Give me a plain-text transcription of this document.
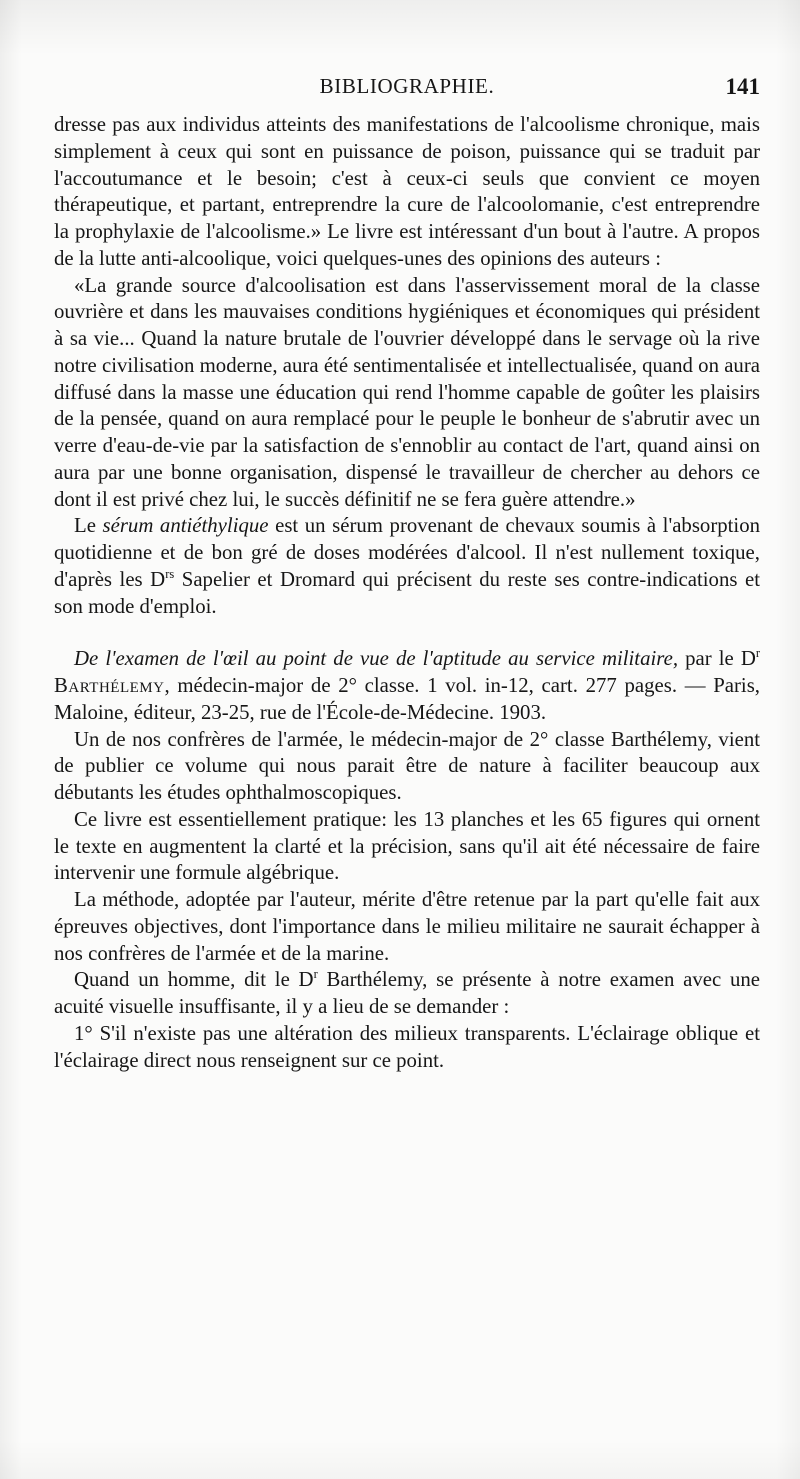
BIBLIOGRAPHIE.	141

dresse pas aux individus atteints des manifestations de l'alcoolisme chronique, mais simplement à ceux qui sont en puissance de poison, puissance qui se traduit par l'accoutumance et le besoin; c'est à ceux-ci seuls que convient ce moyen thérapeutique, et partant, entreprendre la cure de l'alcoolomanie, c'est entreprendre la prophylaxie de l'alcoolisme.» Le livre est intéressant d'un bout à l'autre. A propos de la lutte anti-alcoolique, voici quelques-unes des opinions des auteurs :

«La grande source d'alcoolisation est dans l'asservissement moral de la classe ouvrière et dans les mauvaises conditions hygiéniques et économiques qui président à sa vie... Quand la nature brutale de l'ouvrier développé dans le servage où la rive notre civilisation moderne, aura été sentimentalisée et intellectualisée, quand on aura diffusé dans la masse une éducation qui rend l'homme capable de goûter les plaisirs de la pensée, quand on aura remplacé pour le peuple le bonheur de s'abrutir avec un verre d'eau-de-vie par la satisfaction de s'ennoblir au contact de l'art, quand ainsi on aura par une bonne organisation, dispensé le travailleur de chercher au dehors ce dont il est privé chez lui, le succès définitif ne se fera guère attendre.»

Le sérum antiéthylique est un sérum provenant de chevaux soumis à l'absorption quotidienne et de bon gré de doses modérées d'alcool. Il n'est nullement toxique, d'après les $D^{rs}$ Sapelier et Dromard qui précisent du reste ses contre-indications et son mode d'emploi.

De l'examen de l'œil au point de vue de l'aptitude au service militaire, par le $D^r$ Barthélemy, médecin-major de 2° classe. 1 vol. in-12, cart. 277 pages. — Paris, Maloine, éditeur, 23-25, rue de l'École-de-Médecine. 1903.

Un de nos confrères de l'armée, le médecin-major de 2° classe Barthélemy, vient de publier ce volume qui nous parait être de nature à faciliter beaucoup aux débutants les études ophthalmoscopiques.

Ce livre est essentiellement pratique: les 13 planches et les 65 figures qui ornent le texte en augmentent la clarté et la précision, sans qu'il ait été nécessaire de faire intervenir une formule algébrique.

La méthode, adoptée par l'auteur, mérite d'être retenue par la part qu'elle fait aux épreuves objectives, dont l'importance dans le milieu militaire ne saurait échapper à nos confrères de l'armée et de la marine.

Quand un homme, dit le $D^r$ Barthélemy, se présente à notre examen avec une acuité visuelle insuffisante, il y a lieu de se demander :

1° S'il n'existe pas une altération des milieux transparents. L'éclairage oblique et l'éclairage direct nous renseignent sur ce point.
